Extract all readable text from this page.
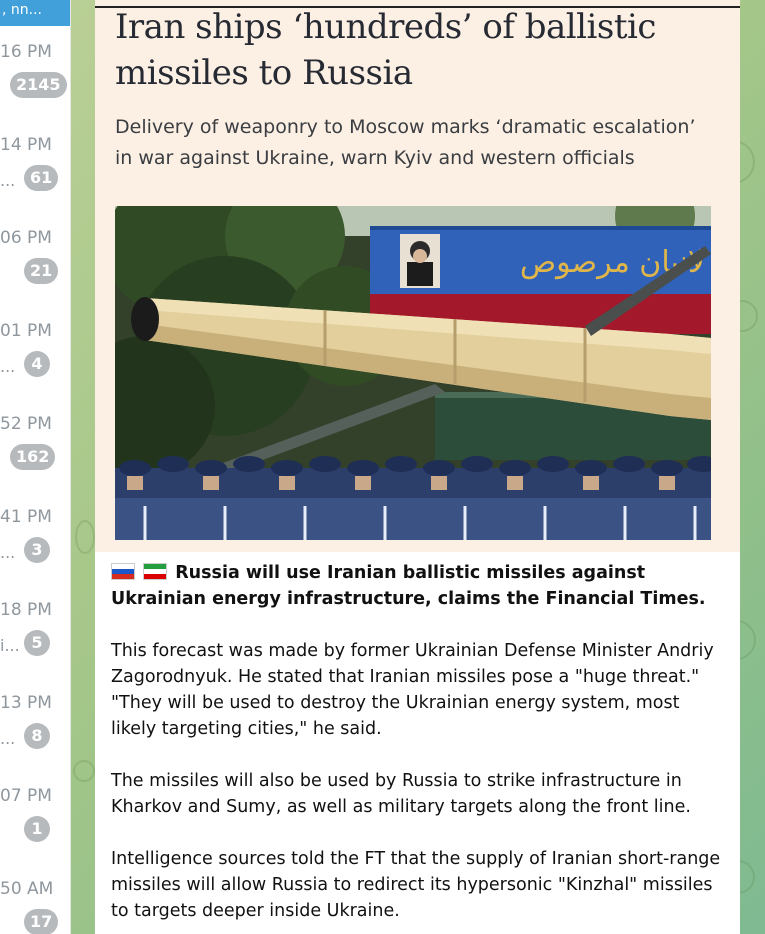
, nn...
16 PM
2145
14 PM
... 61
06 PM
21
01 PM
...	4
52 PM
162
41 PM
...	3
18 PM
i... 5
13 PM
...	8
07 PM
1
50 AM
17
Iran ships ‘hundreds’ of ballistic missiles to Russia
Delivery of weaponry to Moscow marks ‘dramatic escalation’ in war against Ukraine, warn Kyiv and western officials
ﻻﻧﻴﺎﻥ ﻣﺮﺻﻮﺹ

Russia will use Iranian ballistic missiles against Ukrainian energy infrastructure, claims the Financial Times.

This forecast was made by former Ukrainian Defense Minister Andriy Zagorodnyuk. He stated that Iranian missiles pose a "huge threat." "They will be used to destroy the Ukrainian energy system, most likely targeting cities," he said.

The missiles will also be used by Russia to strike infrastructure in Kharkov and Sumy, as well as military targets along the front line.

Intelligence sources told the FT that the supply of Iranian short-range missiles will allow Russia to redirect its hypersonic "Kinzhal" missiles to targets deeper inside Ukraine.
